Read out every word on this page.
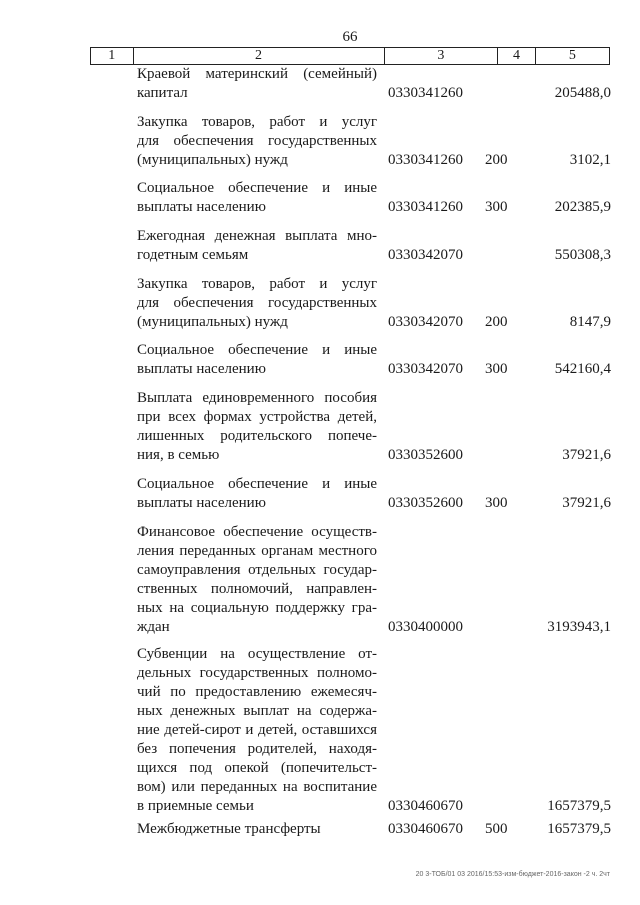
66
1	2	3	4	5
Краевой материнский (семейный)
капитал	0330341260	205488,0
Закупка товаров, работ и услуг
для обеспечения государственных
(муниципальных) нужд	0330341260 200	3102,1
Социальное обеспечение и иные
выплаты населению	0330341260 300	202385,9
Ежегодная денежная выплата мно-
годетным семьям	0330342070	550308,3
Закупка товаров, работ и услуг
для обеспечения государственных
(муниципальных) нужд	0330342070 200	8147,9
Социальное обеспечение и иные
выплаты населению	0330342070 300	542160,4
Выплата единовременного пособия
при всех формах устройства детей,
лишенных родительского попече-
ния, в семью	0330352600	37921,6
Социальное обеспечение и иные
выплаты населению	0330352600 300	37921,6
Финансовое обеспечение осуществ-
ления переданных органам местного
самоуправления отдельных государ-
ственных полномочий, направлен-
ных на социальную поддержку гра-
ждан	0330400000	3193943,1
Субвенции на осуществление от-
дельных государственных полномо-
чий по предоставлению ежемесяч-
ных денежных выплат на содержа-
ние детей-сирот и детей, оставшихся
без попечения родителей, находя-
щихся под опекой (попечительст-
вом) или переданных на воспитание
в приемные семьи	0330460670	1657379,5
Межбюджетные трансферты	0330460670 500	1657379,5
20 3-ТОБ/01 03 2016/15:53-изм-бюджет-2016-закон -2 ч. 2чт
